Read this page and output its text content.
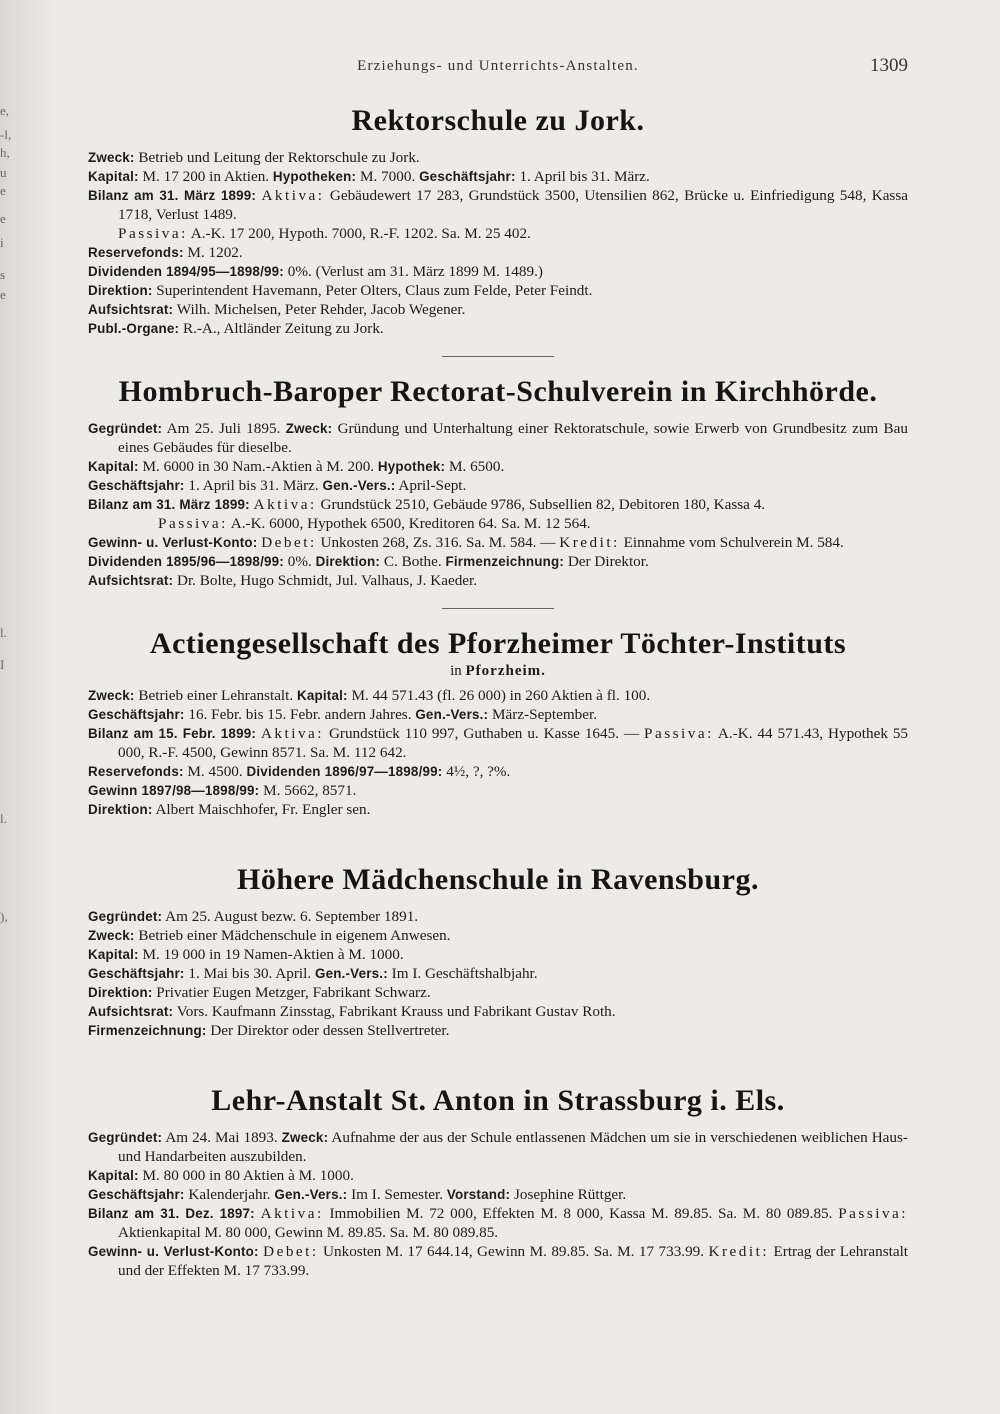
e,
-l,
h,
u
e
e
i
s
e
l.
I
l.
),
Erziehungs- und Unterrichts-Anstalten.	1309
Rektorschule zu Jork.

Zweck: Betrieb und Leitung der Rektorschule zu Jork.

Kapital: M. 17 200 in Aktien. Hypotheken: M. 7000. Geschäftsjahr: 1. April bis 31. März.

Bilanz am 31. März 1899: Aktiva: Gebäudewert 17 283, Grundstück 3500, Utensilien 862, Brücke u. Einfriedigung 548, Kassa 1718, Verlust 1489.

Passiva: A.-K. 17 200, Hypoth. 7000, R.-F. 1202. Sa. M. 25 402.

Reservefonds: M. 1202.

Dividenden 1894/95—1898/99: 0%. (Verlust am 31. März 1899 M. 1489.)

Direktion: Superintendent Havemann, Peter Olters, Claus zum Felde, Peter Feindt.

Aufsichtsrat: Wilh. Michelsen, Peter Rehder, Jacob Wegener.

Publ.-Organe: R.-A., Altländer Zeitung zu Jork.

Hombruch-Baroper Rectorat-Schulverein in Kirchhörde.

Gegründet: Am 25. Juli 1895. Zweck: Gründung und Unterhaltung einer Rektoratschule, sowie Erwerb von Grundbesitz zum Bau eines Gebäudes für dieselbe.

Kapital: M. 6000 in 30 Nam.-Aktien à M. 200. Hypothek: M. 6500.

Geschäftsjahr: 1. April bis 31. März. Gen.-Vers.: April-Sept.

Bilanz am 31. März 1899: Aktiva: Grundstück 2510, Gebäude 9786, Subsellien 82, Debitoren 180, Kassa 4.

Passiva: A.-K. 6000, Hypothek 6500, Kreditoren 64. Sa. M. 12 564.

Gewinn- u. Verlust-Konto: Debet: Unkosten 268, Zs. 316. Sa. M. 584. — Kredit: Einnahme vom Schulverein M. 584.

Dividenden 1895/96—1898/99: 0%. Direktion: C. Bothe. Firmenzeichnung: Der Direktor.

Aufsichtsrat: Dr. Bolte, Hugo Schmidt, Jul. Valhaus, J. Kaeder.

Actiengesellschaft des Pforzheimer Töchter-Instituts
in Pforzheim.

Zweck: Betrieb einer Lehranstalt. Kapital: M. 44 571.43 (fl. 26 000) in 260 Aktien à fl. 100.

Geschäftsjahr: 16. Febr. bis 15. Febr. andern Jahres. Gen.-Vers.: März-September.

Bilanz am 15. Febr. 1899: Aktiva: Grundstück 110 997, Guthaben u. Kasse 1645. — Passiva: A.-K. 44 571.43, Hypothek 55 000, R.-F. 4500, Gewinn 8571. Sa. M. 112 642.

Reservefonds: M. 4500. Dividenden 1896/97—1898/99: 4½, ?, ?%.

Gewinn 1897/98—1898/99: M. 5662, 8571.

Direktion: Albert Maischhofer, Fr. Engler sen.

Höhere Mädchenschule in Ravensburg.

Gegründet: Am 25. August bezw. 6. September 1891.

Zweck: Betrieb einer Mädchenschule in eigenem Anwesen.

Kapital: M. 19 000 in 19 Namen-Aktien à M. 1000.

Geschäftsjahr: 1. Mai bis 30. April. Gen.-Vers.: Im I. Geschäftshalbjahr.

Direktion: Privatier Eugen Metzger, Fabrikant Schwarz.

Aufsichtsrat: Vors. Kaufmann Zinsstag, Fabrikant Krauss und Fabrikant Gustav Roth.

Firmenzeichnung: Der Direktor oder dessen Stellvertreter.

Lehr-Anstalt St. Anton in Strassburg i. Els.

Gegründet: Am 24. Mai 1893. Zweck: Aufnahme der aus der Schule entlassenen Mädchen um sie in verschiedenen weiblichen Haus- und Handarbeiten auszubilden.

Kapital: M. 80 000 in 80 Aktien à M. 1000.

Geschäftsjahr: Kalenderjahr. Gen.-Vers.: Im I. Semester. Vorstand: Josephine Rüttger.

Bilanz am 31. Dez. 1897: Aktiva: Immobilien M. 72 000, Effekten M. 8 000, Kassa M. 89.85. Sa. M. 80 089.85. Passiva: Aktienkapital M. 80 000, Gewinn M. 89.85. Sa. M. 80 089.85.

Gewinn- u. Verlust-Konto: Debet: Unkosten M. 17 644.14, Gewinn M. 89.85. Sa. M. 17 733.99. Kredit: Ertrag der Lehranstalt und der Effekten M. 17 733.99.
